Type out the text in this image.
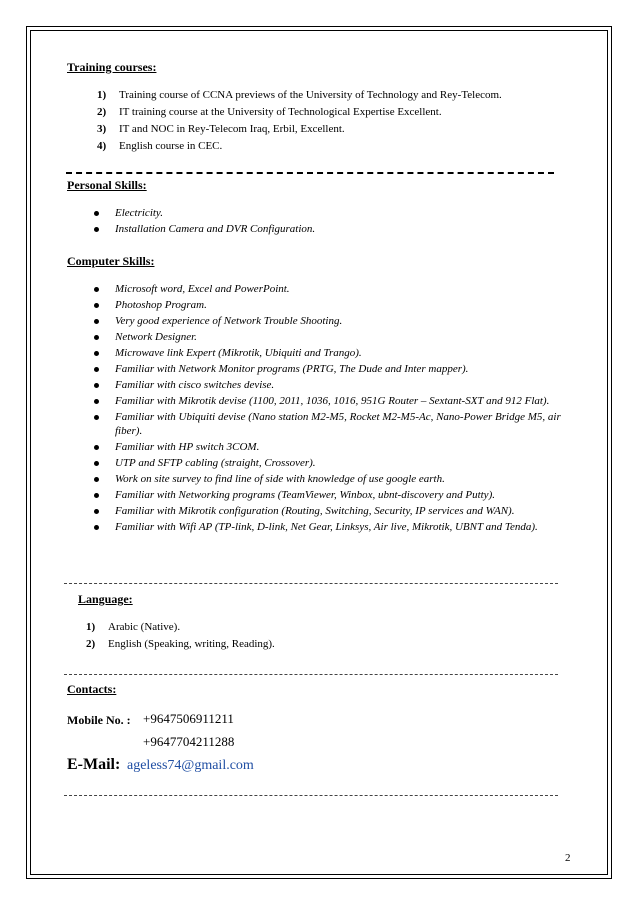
Training courses:
1) Training course of CCNA previews of the University of Technology and Rey-Telecom.
2) IT training course at the University of Technological Expertise Excellent.
3) IT and NOC in Rey-Telecom Iraq, Erbil, Excellent.
4) English course in CEC.
Personal Skills:
Electricity.
Installation Camera and DVR Configuration.
Computer Skills:
Microsoft word, Excel and PowerPoint.
Photoshop Program.
Very good experience of Network Trouble Shooting.
Network Designer.
Microwave link Expert (Mikrotik, Ubiquiti and Trango).
Familiar with Network Monitor programs (PRTG, The Dude and Inter mapper).
Familiar with cisco switches devise.
Familiar with Mikrotik devise (1100, 2011, 1036, 1016, 951G Router – Sextant-SXT and 912 Flat).
Familiar with Ubiquiti devise (Nano station M2-M5, Rocket M2-M5-Ac, Nano-Power Bridge M5, air fiber).
Familiar with HP switch 3COM.
UTP and SFTP cabling (straight, Crossover).
Work on site survey to find line of side with knowledge of use google earth.
Familiar with Networking programs (TeamViewer, Winbox, ubnt-discovery and Putty).
Familiar with Mikrotik configuration (Routing, Switching, Security, IP services and WAN).
Familiar with Wifi AP (TP-link, D-link, Net Gear, Linksys, Air live, Mikrotik, UBNT and Tenda).
Language:
1) Arabic (Native).
2) English (Speaking, writing, Reading).
Contacts:
Mobile No. : +9647506911211
+9647704211288
E-Mail: ageless74@gmail.com
2
